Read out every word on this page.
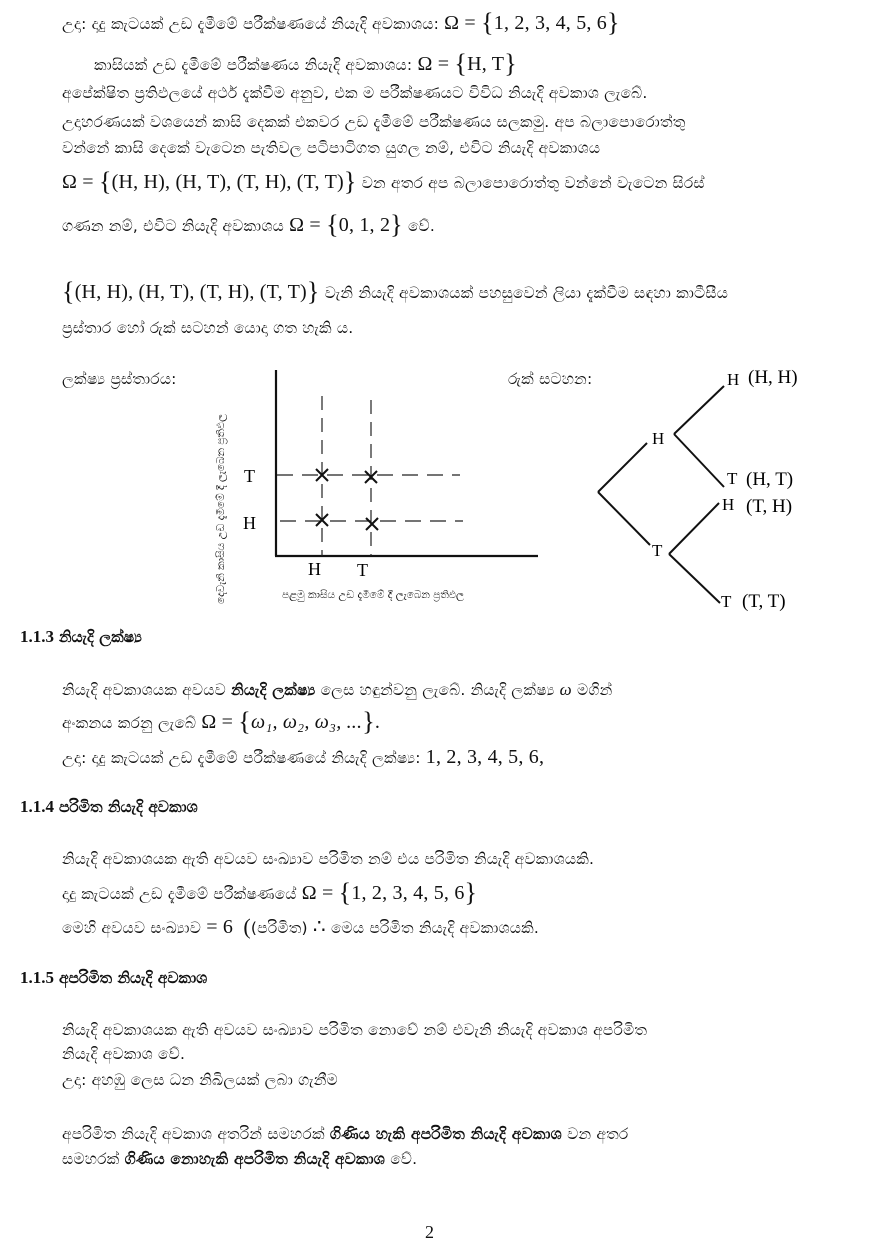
උදා: දාදු කැටයක් උඩ දැමීමේ පරීක්ෂණයේ නියැදි අවකාශය: Ω = {1, 2, 3, 4, 5, 6}
කාසියක් උඩ දැමීමේ පරීක්ෂණය නියැදි අවකාශය: Ω = {H, T}
අපේක්ෂිත ප්‍රතිඵලයේ අර්ථ දැක්වීම අනුව, එක ම පරීක්ෂණයට විවිධ නියැදි අවකාශ ලැබේ.
උදාහරණයක් වශයෙන් කාසි දෙකක් එකවර උඩ දැමීමේ පරීක්ෂණය සලකමු. අප බලාපොරොත්තු
වන්නේ කාසි දෙකේ වැටෙන පැතිවල පටිපාටිගත යුගල නම්, එවිට නියැදි අවකාශය
Ω = {(H, H), (H, T), (T, H), (T, T)} වන අතර අප බලාපොරොත්තු වන්නේ වැටෙන සිරස්
ගණන නම්, එවිට නියැදි අවකාශය Ω = {0, 1, 2} වේ.
{(H, H), (H, T), (T, H), (T, T)} වැනි නියැදි අවකාශයක් පහසුවෙන් ලියා දැක්වීම සඳහා කාටීසීය
ප්‍රස්තාර හෝ රුක් සටහන් යොදා ගත හැකි ය.
ලක්ෂ්‍ය ප්‍රස්තාරය:	රුක් සටහන:
T
H
H T
පළමු කාසිය උඩ දැමීමේ දී ලැබෙන ප්‍රතිඵල
දෙවැනි කාසිය උඩ දැමීමේ දී ලැබෙන ප්‍රතිඵල	H
T
H (H, H)
T (H, T)
H (T, H)
T (T, T)
1.1.3 නියැදි ලක්ෂ්‍ය
නියැදි අවකාශයක අවයව නියැදි ලක්ෂ්‍ය ලෙස හඳුන්වනු ලැබේ. නියැදි ලක්ෂ්‍ය ω මගින්
අංකනය කරනු ලැබේ Ω = {ω₁, ω₂, ω₃, ...}.
උදා: දාදු කැටයක් උඩ දැමීමේ පරීක්ෂණයේ නියැදි ලක්ෂ්‍ය: 1, 2, 3, 4, 5, 6,
1.1.4 පරිමිත නියැදි අවකාශ
නියැදි අවකාශයක ඇති අවයව සංඛ්‍යාව පරිමිත නම් එය පරිමිත නියැදි අවකාශයකි.
දාදු කැටයක් උඩ දැමීමේ පරීක්ෂණයේ Ω = {1, 2, 3, 4, 5, 6}
මෙහි අවයව සංඛ්‍යාව = 6 ((පරිමිත) ∴ මෙය පරිමිත නියැදි අවකාශයකි.
1.1.5 අපරිමිත නියැදි අවකාශ
නියැදි අවකාශයක ඇති අවයව සංඛ්‍යාව පරිමිත නොවේ නම් එවැනි නියැදි අවකාශ අපරිමිත
නියැදි අවකාශ වේ.
උදා: අහඹු ලෙස ධන නිඛිලයක් ලබා ගැනීම
අපරිමිත නියැදි අවකාශ අතරින් සමහරක් ගිණිය හැකි අපරිමිත නියැදි අවකාශ වන අතර
සමහරක් ගිණිය නොහැකි අපරිමිත නියැදි අවකාශ වේ.
2
